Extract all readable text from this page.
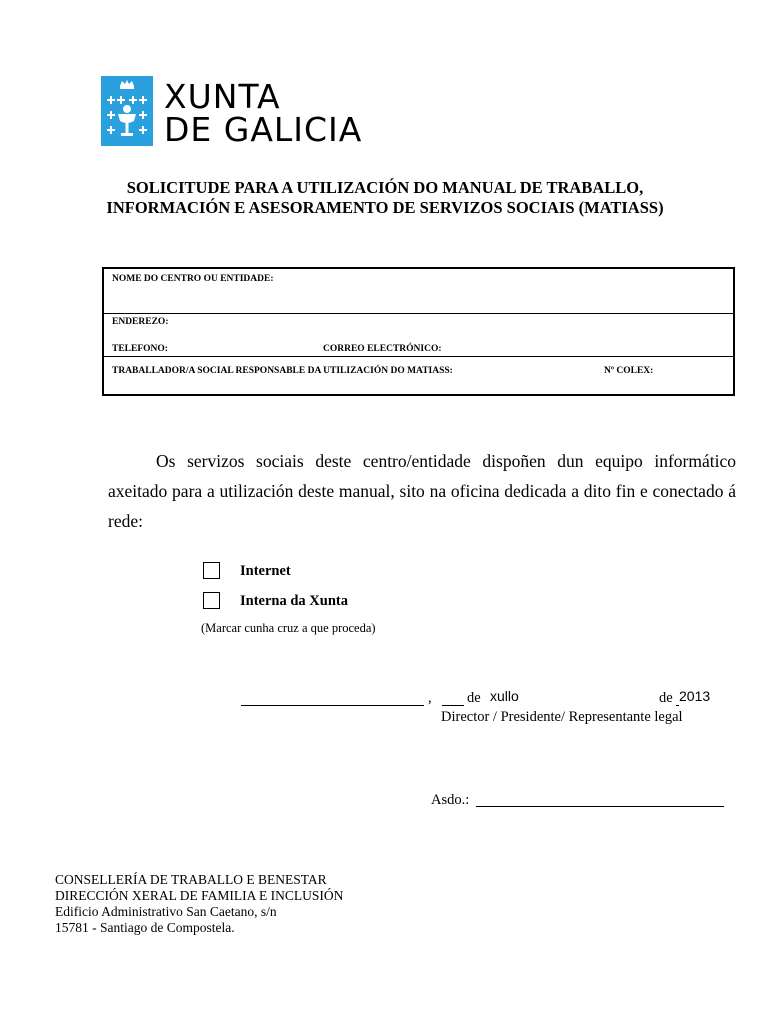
XUNTA
DE GALICIA
SOLICITUDE PARA A UTILIZACIÓN DO MANUAL DE TRABALLO, INFORMACIÓN E ASESORAMENTO DE SERVIZOS SOCIAIS (MATIASS)
NOME DO CENTRO OU ENTIDADE:
ENDEREZO:
TELEFONO:	CORREO ELECTRÓNICO:
TRABALLADOR/A SOCIAL RESPONSABLE DA UTILIZACIÓN DO MATIASS:	Nº COLEX:
Os servizos sociais deste centro/entidade dispoñen dun equipo informático axeitado para a utilización deste manual, sito na oficina dedicada a dito fin e conectado á rede:
Internet
Interna da Xunta
(Marcar cunha cruz a que proceda)
, de xullo	de 2013
Director / Presidente/ Representante legal
Asdo.:
CONSELLERÍA DE TRABALLO E BENESTAR
DIRECCIÓN XERAL DE FAMILIA E INCLUSIÓN
Edificio Administrativo San Caetano, s/n
15781 - Santiago de Compostela.
